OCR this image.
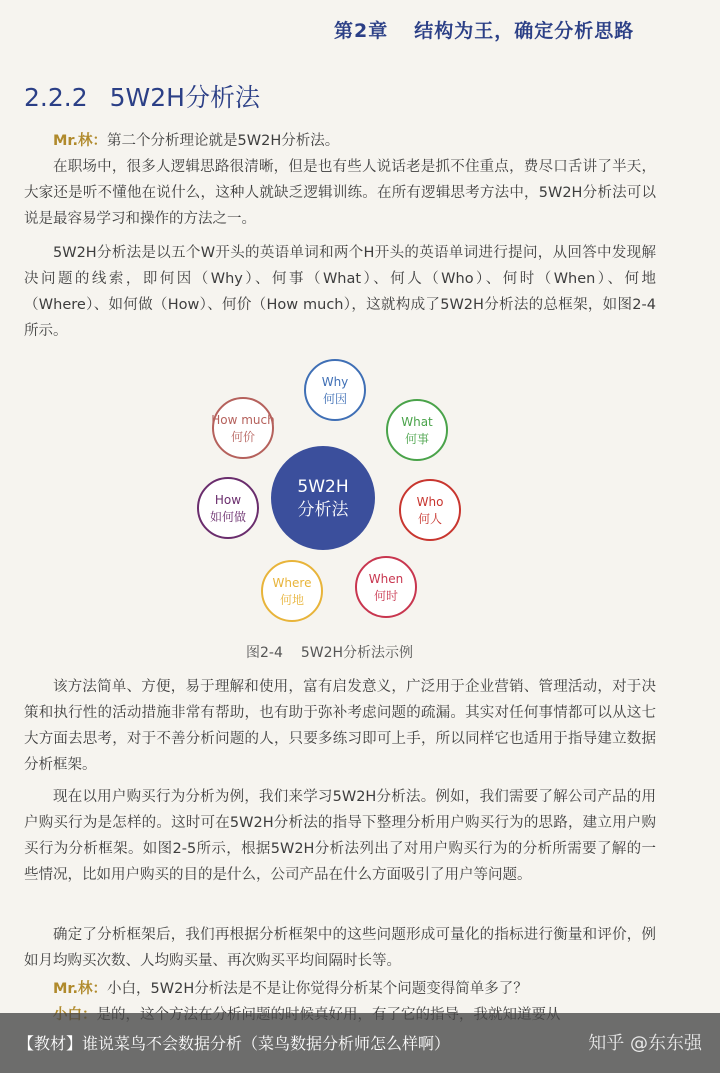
第2章 结构为王，确定分析思路
2.2.2 5W2H分析法

Mr.林：第二个分析理论就是5W2H分析法。

在职场中，很多人逻辑思路很清晰，但是也有些人说话老是抓不住重点，费尽口舌讲了半天，大家还是听不懂他在说什么，这种人就缺乏逻辑训练。在所有逻辑思考方法中，5W2H分析法可以说是最容易学习和操作的方法之一。

5W2H分析法是以五个W开头的英语单词和两个H开头的英语单词进行提问，从回答中发现解决问题的线索，即何因（Why）、何事（What）、何人（Who）、何时（When）、何地（Where）、如何做（How）、何价（How much），这就构成了5W2H分析法的总框架，如图2-4所示。

5W2H
分析法
Why
何因
What
何事
Who
何人
When
何时
Where
何地
How
如何做
How much
何价
图2-4 5W2H分析法示例

该方法简单、方便，易于理解和使用，富有启发意义，广泛用于企业营销、管理活动，对于决策和执行性的活动措施非常有帮助，也有助于弥补考虑问题的疏漏。其实对任何事情都可以从这七大方面去思考，对于不善分析问题的人，只要多练习即可上手，所以同样它也适用于指导建立数据分析框架。

现在以用户购买行为分析为例，我们来学习5W2H分析法。例如，我们需要了解公司产品的用户购买行为是怎样的。这时可在5W2H分析法的指导下整理分析用户购买行为的思路，建立用户购买行为分析框架。如图2-5所示，根据5W2H分析法列出了对用户购买行为的分析所需要了解的一些情况，比如用户购买的目的是什么，公司产品在什么方面吸引了用户等问题。

确定了分析框架后，我们再根据分析框架中的这些问题形成可量化的指标进行衡量和评价，例如月均购买次数、人均购买量、再次购买平均间隔时长等。

Mr.林：小白，5W2H分析法是不是让你觉得分析某个问题变得简单多了？

【教材】谁说菜鸟不会数据分析（菜鸟数据分析师怎么样啊）	知乎 @东东强
